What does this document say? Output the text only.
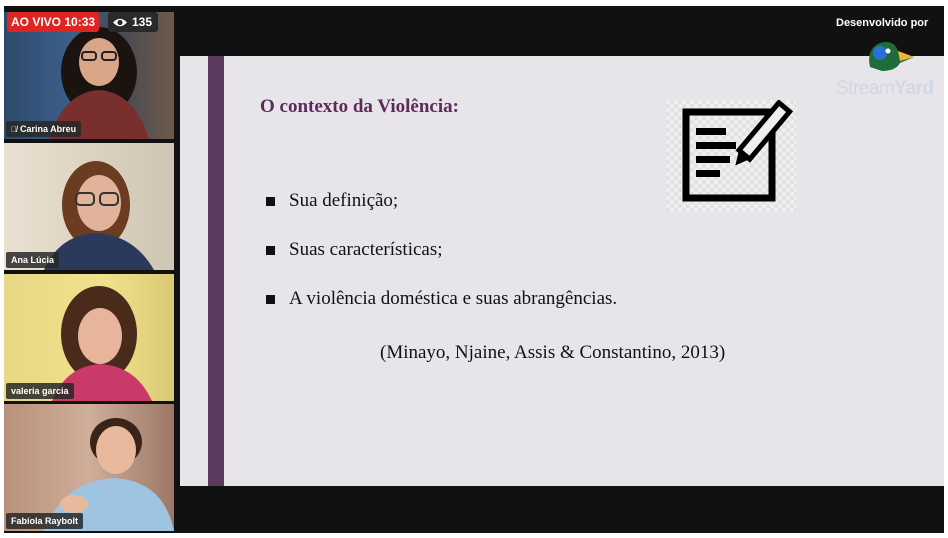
🎙̸ Carina Abreu
Ana Lúcia
valeria garcia
Fabíola Raybolt
AO VIVO 10:33	135
O contexto da Violência:
Sua definição;
Suas características;
A violência doméstica e suas abrangências.
(Minayo, Njaine, Assis & Constantino, 2013)
Desenvolvido por
StreamYard
